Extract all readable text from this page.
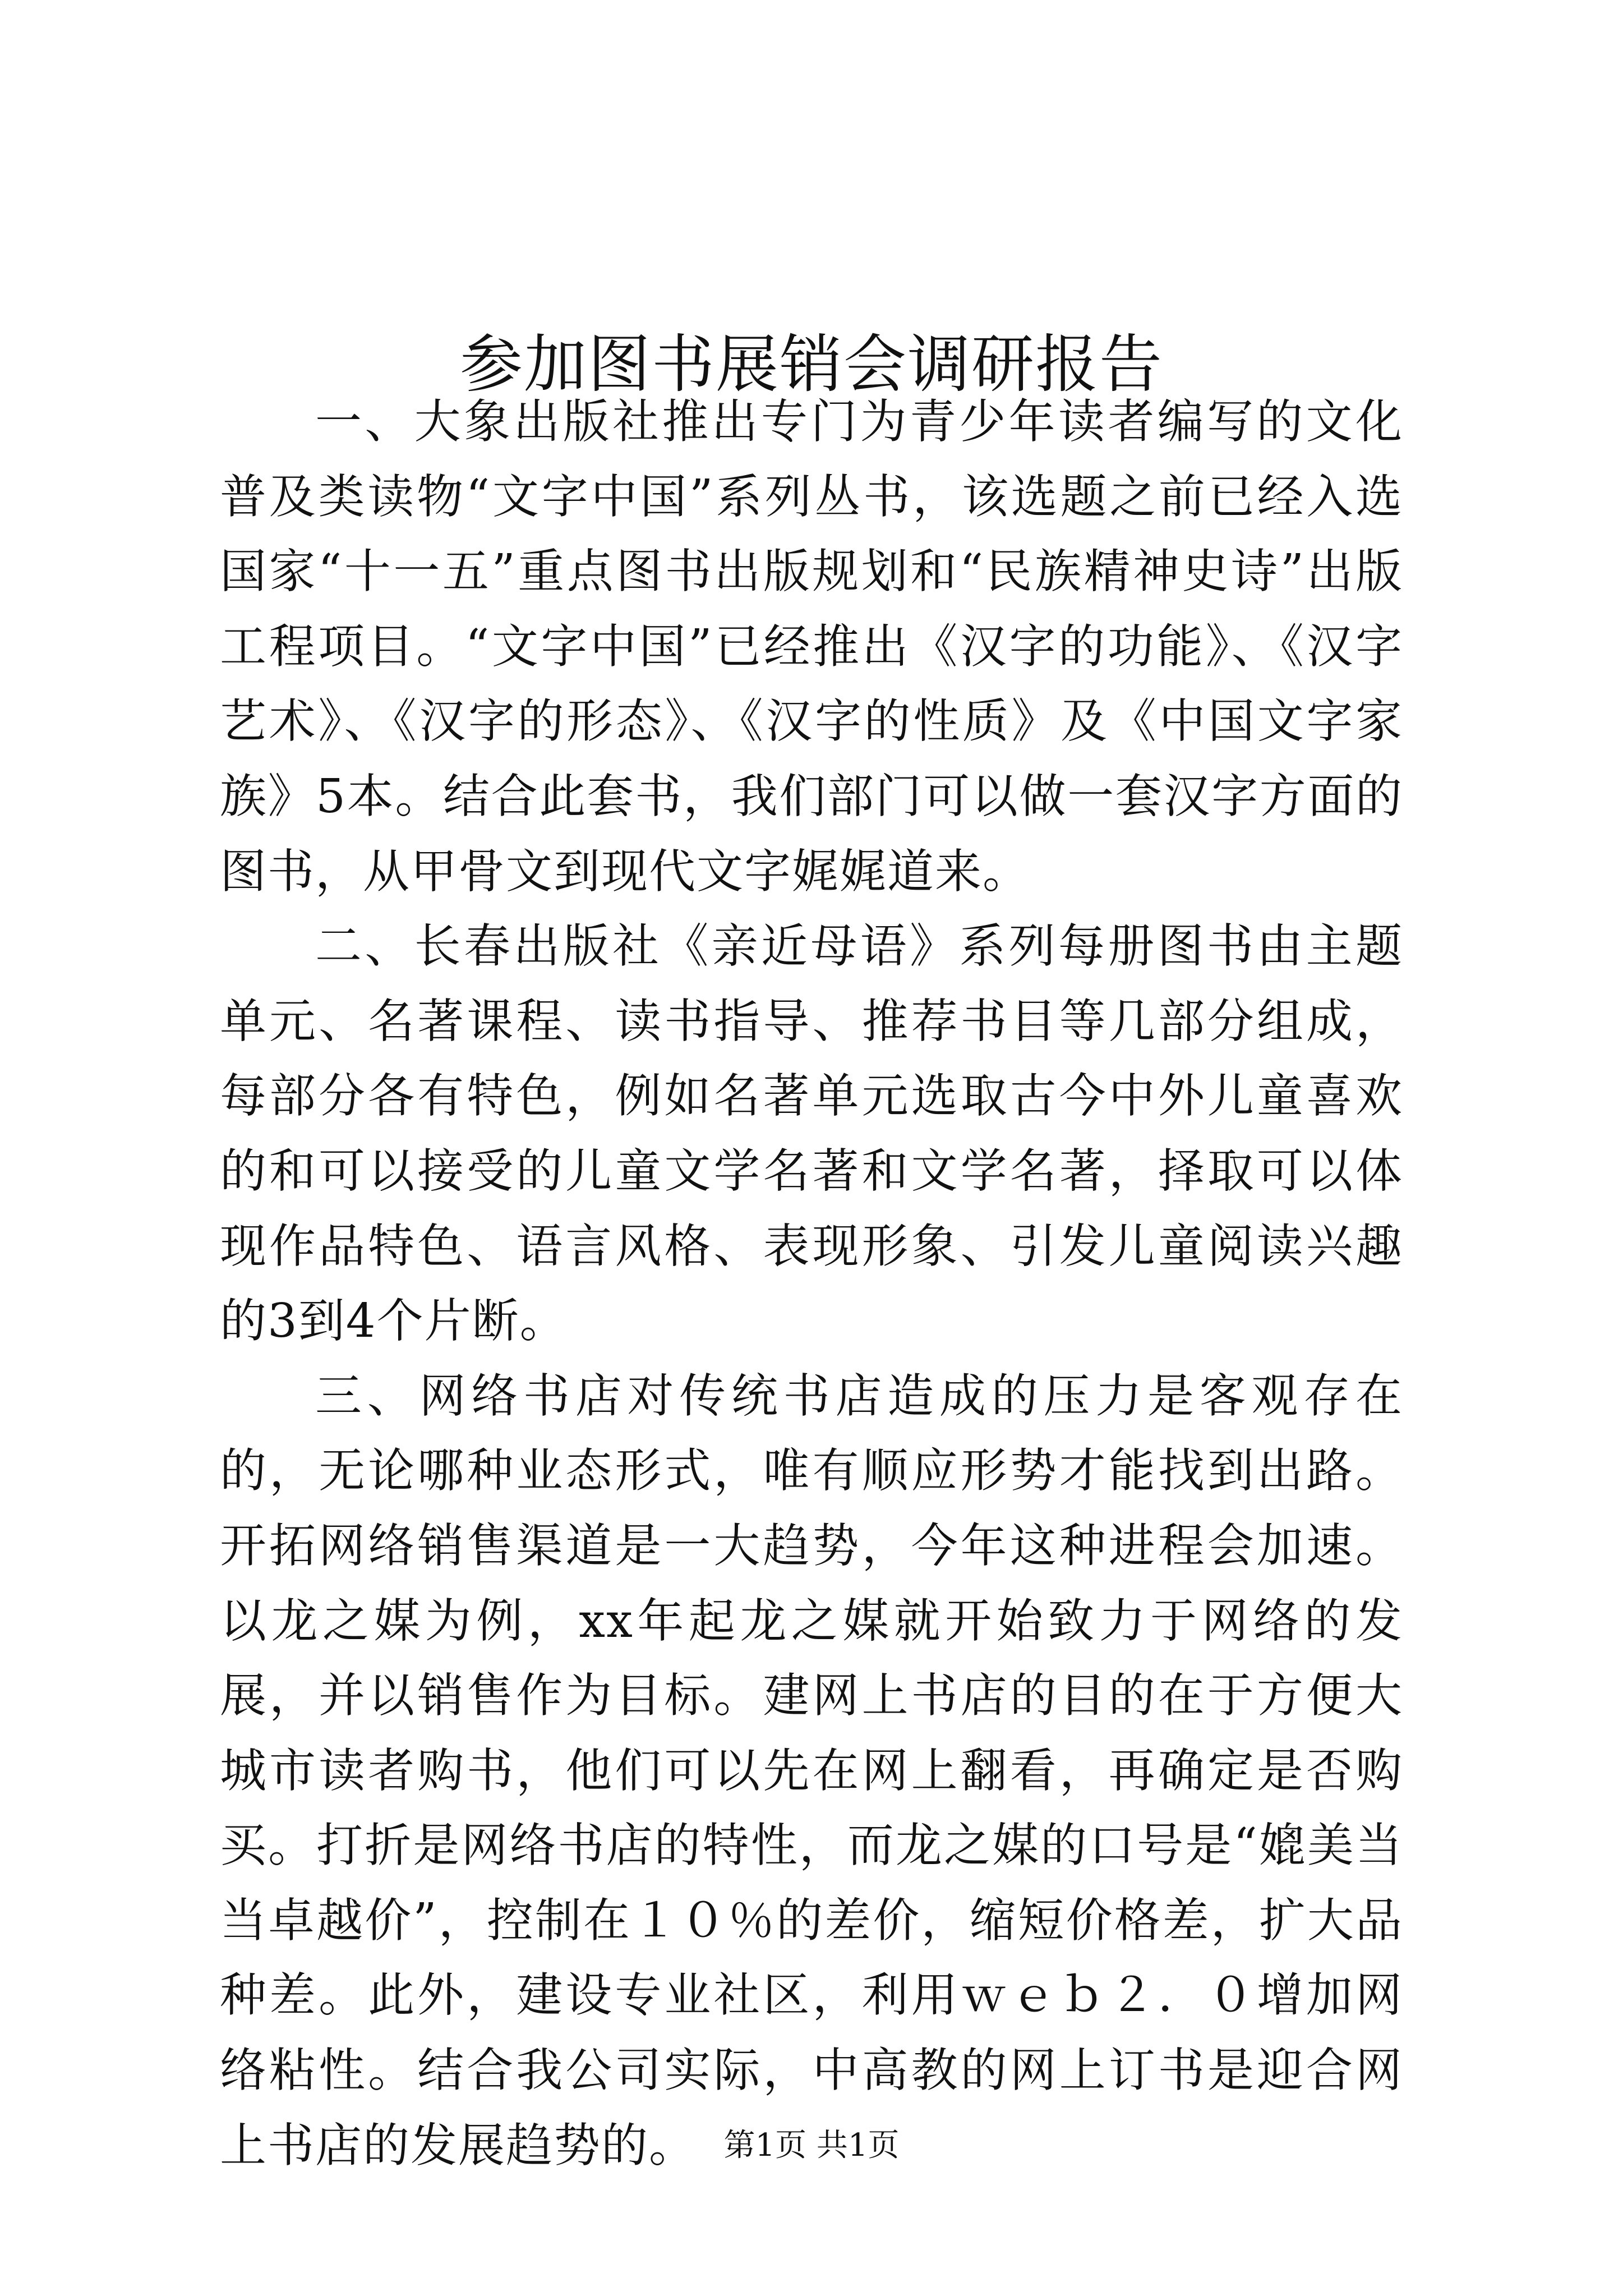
参加图书展销会调研报告

一、大象出版社推出专门为青少年读者编写的文化普及类读物“文字中国”系列丛书，该选题之前已经入选国家“十一五”重点图书出版规划和“民族精神史诗”出版工程项目。“文字中国”已经推出《汉字的功能》、《汉字艺术》、《汉字的形态》、《汉字的性质》及《中国文字家族》5本。结合此套书，我们部门可以做一套汉字方面的图书，从甲骨文到现代文字娓娓道来。

二、长春出版社《亲近母语》系列每册图书由主题单元、名著课程、读书指导、推荐书目等几部分组成，每部分各有特色，例如名著单元选取古今中外儿童喜欢的和可以接受的儿童文学名著和文学名著，择取可以体现作品特色、语言风格、表现形象、引发儿童阅读兴趣的3到4个片断。

三、网络书店对传统书店造成的压力是客观存在的，无论哪种业态形式，唯有顺应形势才能找到出路。开拓网络销售渠道是一大趋势，今年这种进程会加速。以龙之媒为例，xx年起龙之媒就开始致力于网络的发展，并以销售作为目标。建网上书店的目的在于方便大城市读者购书，他们可以先在网上翻看，再确定是否购买。打折是网络书店的特性，而龙之媒的口号是“媲美当当卓越价”，控制在１０％的差价，缩短价格差，扩大品种差。此外，建设专业社区，利用ｗｅｂ２．０增加网络粘性。结合我公司实际，中高教的网上订书是迎合网上书店的发展趋势的。 第1页 共1页
